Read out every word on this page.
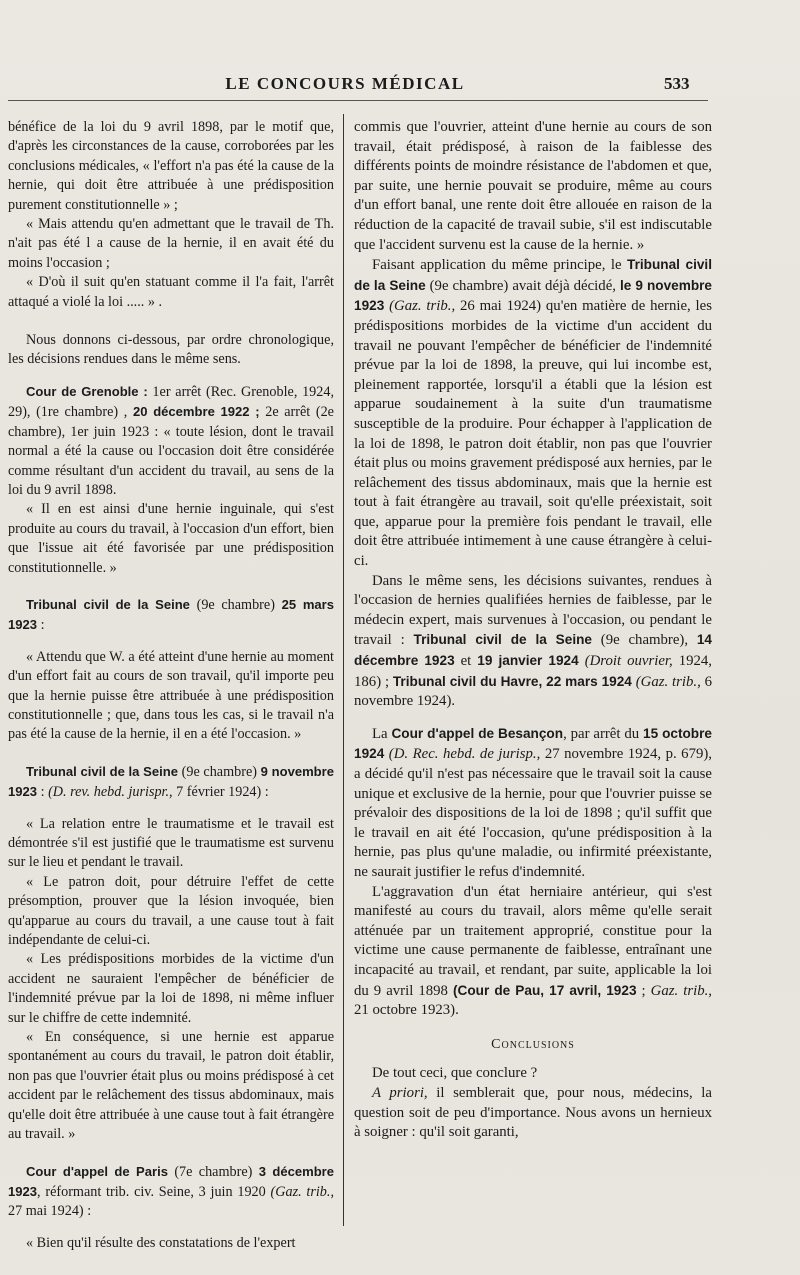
LE CONCOURS MÉDICAL	533

bénéfice de la loi du 9 avril 1898, par le motif que, d'après les circonstances de la cause, corroborées par les conclusions médicales, « l'effort n'a pas été la cause de la hernie, qui doit être attribuée à une prédisposition purement constitutionnelle » ;

« Mais attendu qu'en admettant que le travail de Th. n'ait pas été l a cause de la hernie, il en avait été du moins l'occasion ;

« D'où il suit qu'en statuant comme il l'a fait, l'arrêt attaqué a violé la loi ..... » .

Nous donnons ci-dessous, par ordre chronologique, les décisions rendues dans le même sens.

Cour de Grenoble : 1er arrêt (Rec. Grenoble, 1924, 29), (1re chambre) , 20 décembre 1922 ; 2e arrêt (2e chambre), 1er juin 1923 : « toute lésion, dont le travail normal a été la cause ou l'occasion doit être considérée comme résultant d'un accident du travail, au sens de la loi du 9 avril 1898.

« Il en est ainsi d'une hernie inguinale, qui s'est produite au cours du travail, à l'occasion d'un effort, bien que l'issue ait été favorisée par une prédisposition constitutionnelle. »

Tribunal civil de la Seine (9e chambre) 25 mars 1923 :

« Attendu que W. a été atteint d'une hernie au moment d'un effort fait au cours de son travail, qu'il importe peu que la hernie puisse être attribuée à une prédisposition constitutionnelle ; que, dans tous les cas, si le travail n'a pas été la cause de la hernie, il en a été l'occasion. »

Tribunal civil de la Seine (9e chambre) 9 novembre 1923 : (D. rev. hebd. jurispr., 7 février 1924) :

« La relation entre le traumatisme et le travail est démontrée s'il est justifié que le traumatisme est survenu sur le lieu et pendant le travail.

« Le patron doit, pour détruire l'effet de cette présomption, prouver que la lésion invoquée, bien qu'apparue au cours du travail, a une cause tout à fait indépendante de celui-ci.

« Les prédispositions morbides de la victime d'un accident ne sauraient l'empêcher de bénéficier de l'indemnité prévue par la loi de 1898, ni même influer sur le chiffre de cette indemnité.

« En conséquence, si une hernie est apparue spontanément au cours du travail, le patron doit établir, non pas que l'ouvrier était plus ou moins prédisposé à cet accident par le relâchement des tissus abdominaux, mais qu'elle doit être attribuée à une cause tout à fait étrangère au travail. »

Cour d'appel de Paris (7e chambre) 3 décembre 1923, réformant trib. civ. Seine, 3 juin 1920 (Gaz. trib., 27 mai 1924) :

« Bien qu'il résulte des constatations de l'expert

commis que l'ouvrier, atteint d'une hernie au cours de son travail, était prédisposé, à raison de la faiblesse des différents points de moindre résistance de l'abdomen et que, par suite, une hernie pouvait se produire, même au cours d'un effort banal, une rente doit être allouée en raison de la réduction de la capacité de travail subie, s'il est indiscutable que l'accident survenu est la cause de la hernie. »

Faisant application du même principe, le Tribunal civil de la Seine (9e chambre) avait déjà décidé, le 9 novembre 1923 (Gaz. trib., 26 mai 1924) qu'en matière de hernie, les prédispositions morbides de la victime d'un accident du travail ne pouvant l'empêcher de bénéficier de l'indemnité prévue par la loi de 1898, la preuve, qui lui incombe est, pleinement rapportée, lorsqu'il a établi que la lésion est apparue soudainement à la suite d'un traumatisme susceptible de la produire. Pour échapper à l'application de la loi de 1898, le patron doit établir, non pas que l'ouvrier était plus ou moins gravement prédisposé aux hernies, par le relâchement des tissus abdominaux, mais que la hernie est tout à fait étrangère au travail, soit qu'elle préexistait, soit que, apparue pour la première fois pendant le travail, elle doit être attribuée intimement à une cause étrangère à celui-ci.

Dans le même sens, les décisions suivantes, rendues à l'occasion de hernies qualifiées hernies de faiblesse, par le médecin expert, mais survenues à l'occasion, ou pendant le travail : Tribunal civil de la Seine (9e chambre), 14 décembre 1923 et 19 janvier 1924 (Droit ouvrier, 1924, 186) ; Tribunal civil du Havre, 22 mars 1924 (Gaz. trib., 6 novembre 1924).

La Cour d'appel de Besançon, par arrêt du 15 octobre 1924 (D. Rec. hebd. de jurisp., 27 novembre 1924, p. 679), a décidé qu'il n'est pas nécessaire que le travail soit la cause unique et exclusive de la hernie, pour que l'ouvrier puisse se prévaloir des dispositions de la loi de 1898 ; qu'il suffit que le travail en ait été l'occasion, qu'une prédisposition à la hernie, pas plus qu'une maladie, ou infirmité préexistante, ne saurait justifier le refus d'indemnité.

L'aggravation d'un état herniaire antérieur, qui s'est manifesté au cours du travail, alors même qu'elle serait atténuée par un traitement approprié, constitue pour la victime une cause permanente de faiblesse, entraînant une incapacité au travail, et rendant, par suite, applicable la loi du 9 avril 1898 (Cour de Pau, 17 avril, 1923 ; Gaz. trib., 21 octobre 1923).

Conclusions

De tout ceci, que conclure ?

A priori, il semblerait que, pour nous, médecins, la question soit de peu d'importance. Nous avons un hernieux à soigner : qu'il soit garanti,
